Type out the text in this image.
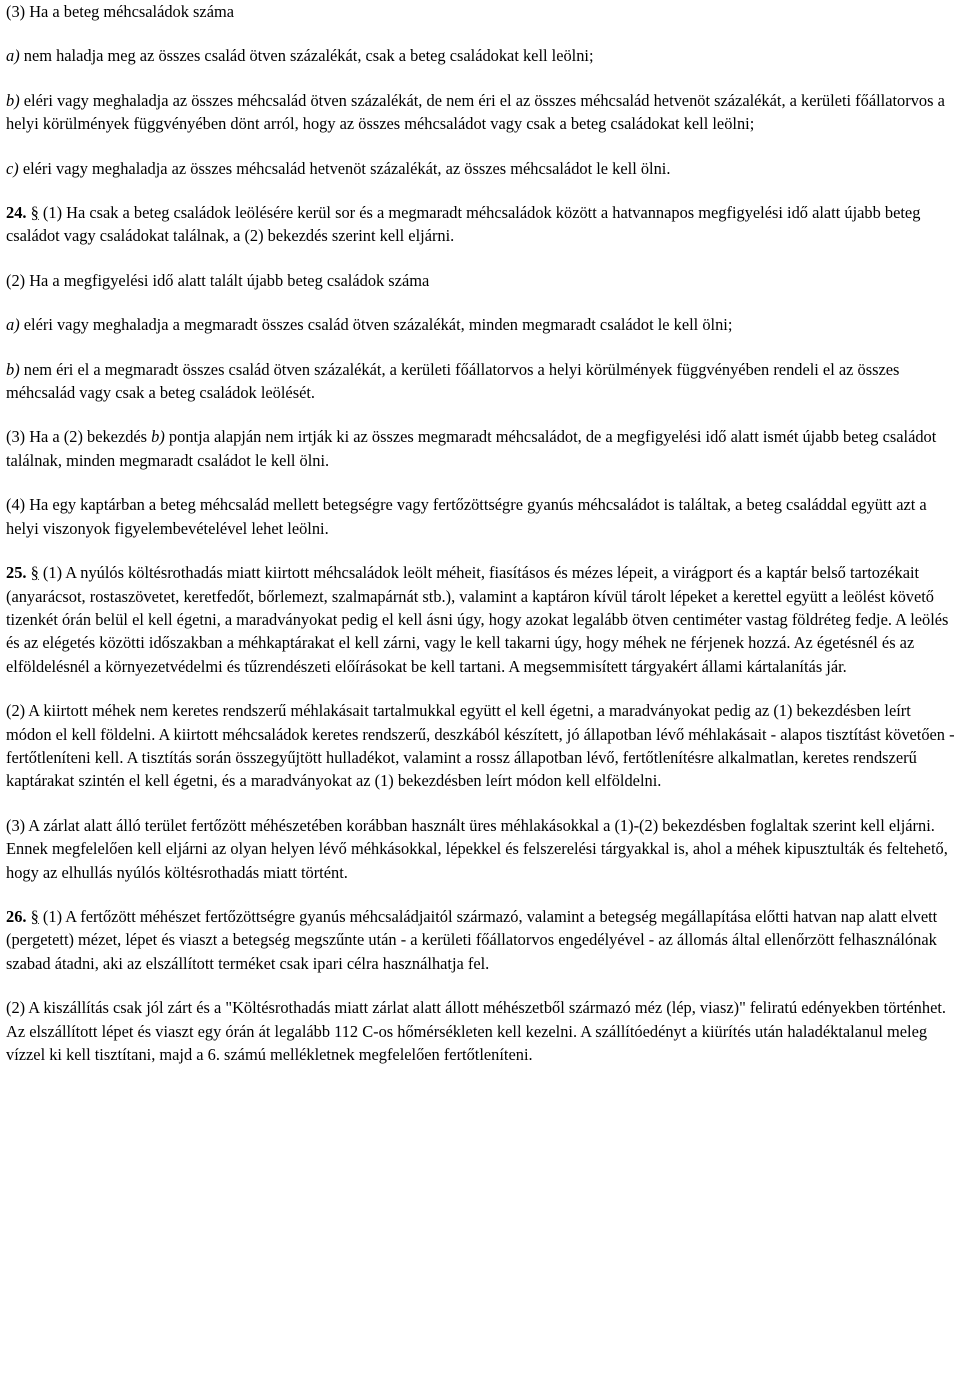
(3) Ha a beteg méhcsaládok száma

a) nem haladja meg az összes család ötven százalékát, csak a beteg családokat kell leölni;

b) eléri vagy meghaladja az összes méhcsalád ötven százalékát, de nem éri el az összes méhcsalád hetvenöt százalékát, a kerületi főállatorvos a helyi körülmények függvényében dönt arról, hogy az összes méhcsaládot vagy csak a beteg családokat kell leölni;

c) eléri vagy meghaladja az összes méhcsalád hetvenöt százalékát, az összes méhcsaládot le kell ölni.

24. § (1) Ha csak a beteg családok leölésére kerül sor és a megmaradt méhcsaládok között a hatvannapos megfigyelési idő alatt újabb beteg családot vagy családokat találnak, a (2) bekezdés szerint kell eljárni.

(2) Ha a megfigyelési idő alatt talált újabb beteg családok száma

a) eléri vagy meghaladja a megmaradt összes család ötven százalékát, minden megmaradt családot le kell ölni;

b) nem éri el a megmaradt összes család ötven százalékát, a kerületi főállatorvos a helyi körülmények függvényében rendeli el az összes méhcsalád vagy csak a beteg családok leölését.

(3) Ha a (2) bekezdés b) pontja alapján nem irtják ki az összes megmaradt méhcsaládot, de a megfigyelési idő alatt ismét újabb beteg családot találnak, minden megmaradt családot le kell ölni.

(4) Ha egy kaptárban a beteg méhcsalád mellett betegségre vagy fertőzöttségre gyanús méhcsaládot is találtak, a beteg családdal együtt azt a helyi viszonyok figyelembevételével lehet leölni.

25. § (1) A nyúlós költésrothadás miatt kiirtott méhcsaládok leölt méheit, fiasításos és mézes lépeit, a virágport és a kaptár belső tartozékait (anyarácsot, rostaszövetet, keretfedőt, bőrlemezt, szalmapárnát stb.), valamint a kaptáron kívül tárolt lépeket a kerettel együtt a leölést követő tizenkét órán belül el kell égetni, a maradványokat pedig el kell ásni úgy, hogy azokat legalább ötven centiméter vastag földréteg fedje. A leölés és az elégetés közötti időszakban a méhkaptárakat el kell zárni, vagy le kell takarni úgy, hogy méhek ne férjenek hozzá. Az égetésnél és az elföldelésnél a környezetvédelmi és tűzrendészeti előírásokat be kell tartani. A megsemmisített tárgyakért állami kártalanítás jár.

(2) A kiirtott méhek nem keretes rendszerű méhlakásait tartalmukkal együtt el kell égetni, a maradványokat pedig az (1) bekezdésben leírt módon el kell földelni. A kiirtott méhcsaládok keretes rendszerű, deszkából készített, jó állapotban lévő méhlakásait - alapos tisztítást követően - fertőtleníteni kell. A tisztítás során összegyűjtött hulladékot, valamint a rossz állapotban lévő, fertőtlenítésre alkalmatlan, keretes rendszerű kaptárakat szintén el kell égetni, és a maradványokat az (1) bekezdésben leírt módon kell elföldelni.

(3) A zárlat alatt álló terület fertőzött méhészetében korábban használt üres méhlakásokkal a (1)-(2) bekezdésben foglaltak szerint kell eljárni. Ennek megfelelően kell eljárni az olyan helyen lévő méhkásokkal, lépekkel és felszerelési tárgyakkal is, ahol a méhek kipusztulták és feltehető, hogy az elhullás nyúlós költésrothadás miatt történt.

26. § (1) A fertőzött méhészet fertőzöttségre gyanús méhcsaládjaitól származó, valamint a betegség megállapítása előtti hatvan nap alatt elvett (pergetett) mézet, lépet és viaszt a betegség megszűnte után - a kerületi főállatorvos engedélyével - az állomás által ellenőrzött felhasználónak szabad átadni, aki az elszállított terméket csak ipari célra használhatja fel.

(2) A kiszállítás csak jól zárt és a "Költésrothadás miatt zárlat alatt állott méhészetből származó méz (lép, viasz)" feliratú edényekben történhet. Az elszállított lépet és viaszt egy órán át legalább 112 C-os hőmérsékleten kell kezelni. A szállítóedényt a kiürítés után haladéktalanul meleg vízzel ki kell tisztítani, majd a 6. számú mellékletnek megfelelően fertőtleníteni.
